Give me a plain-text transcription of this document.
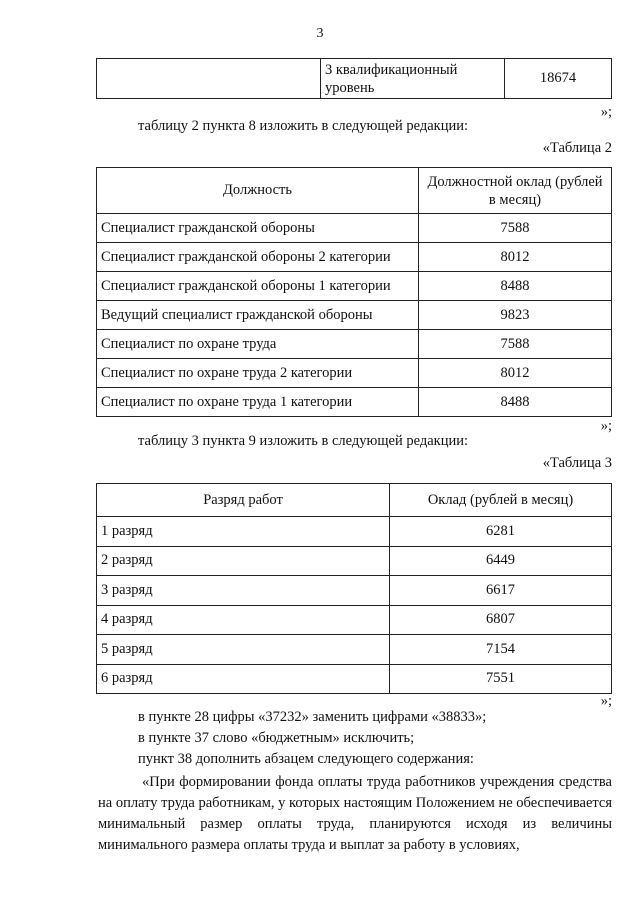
3
	3 квалификационный уровень	18674
»;
таблицу 2 пункта 8 изложить в следующей редакции:
«Таблица 2
Должность	Должностной оклад (рублей в месяц)
Специалист гражданской обороны	7588
Специалист гражданской обороны 2 категории	8012
Специалист гражданской обороны 1 категории	8488
Ведущий специалист гражданской обороны	9823
Специалист по охране труда	7588
Специалист по охране труда 2 категории	8012
Специалист по охране труда 1 категории	8488
»;
таблицу 3 пункта 9 изложить в следующей редакции:
«Таблица 3
Разряд работ	Оклад (рублей в месяц)
1 разряд	6281
2 разряд	6449
3 разряд	6617
4 разряд	6807
5 разряд	7154
6 разряд	7551
»;
в пункте 28 цифры «37232» заменить цифрами «38833»;
в пункте 37 слово «бюджетным» исключить;
пункт 38 дополнить абзацем следующего содержания:
«При формировании фонда оплаты труда работников учреждения средства на оплату труда работникам, у которых настоящим Положением не обеспечивается минимальный размер оплаты труда, планируются исходя из величины минимального размера оплаты труда и выплат за работу в условиях,
